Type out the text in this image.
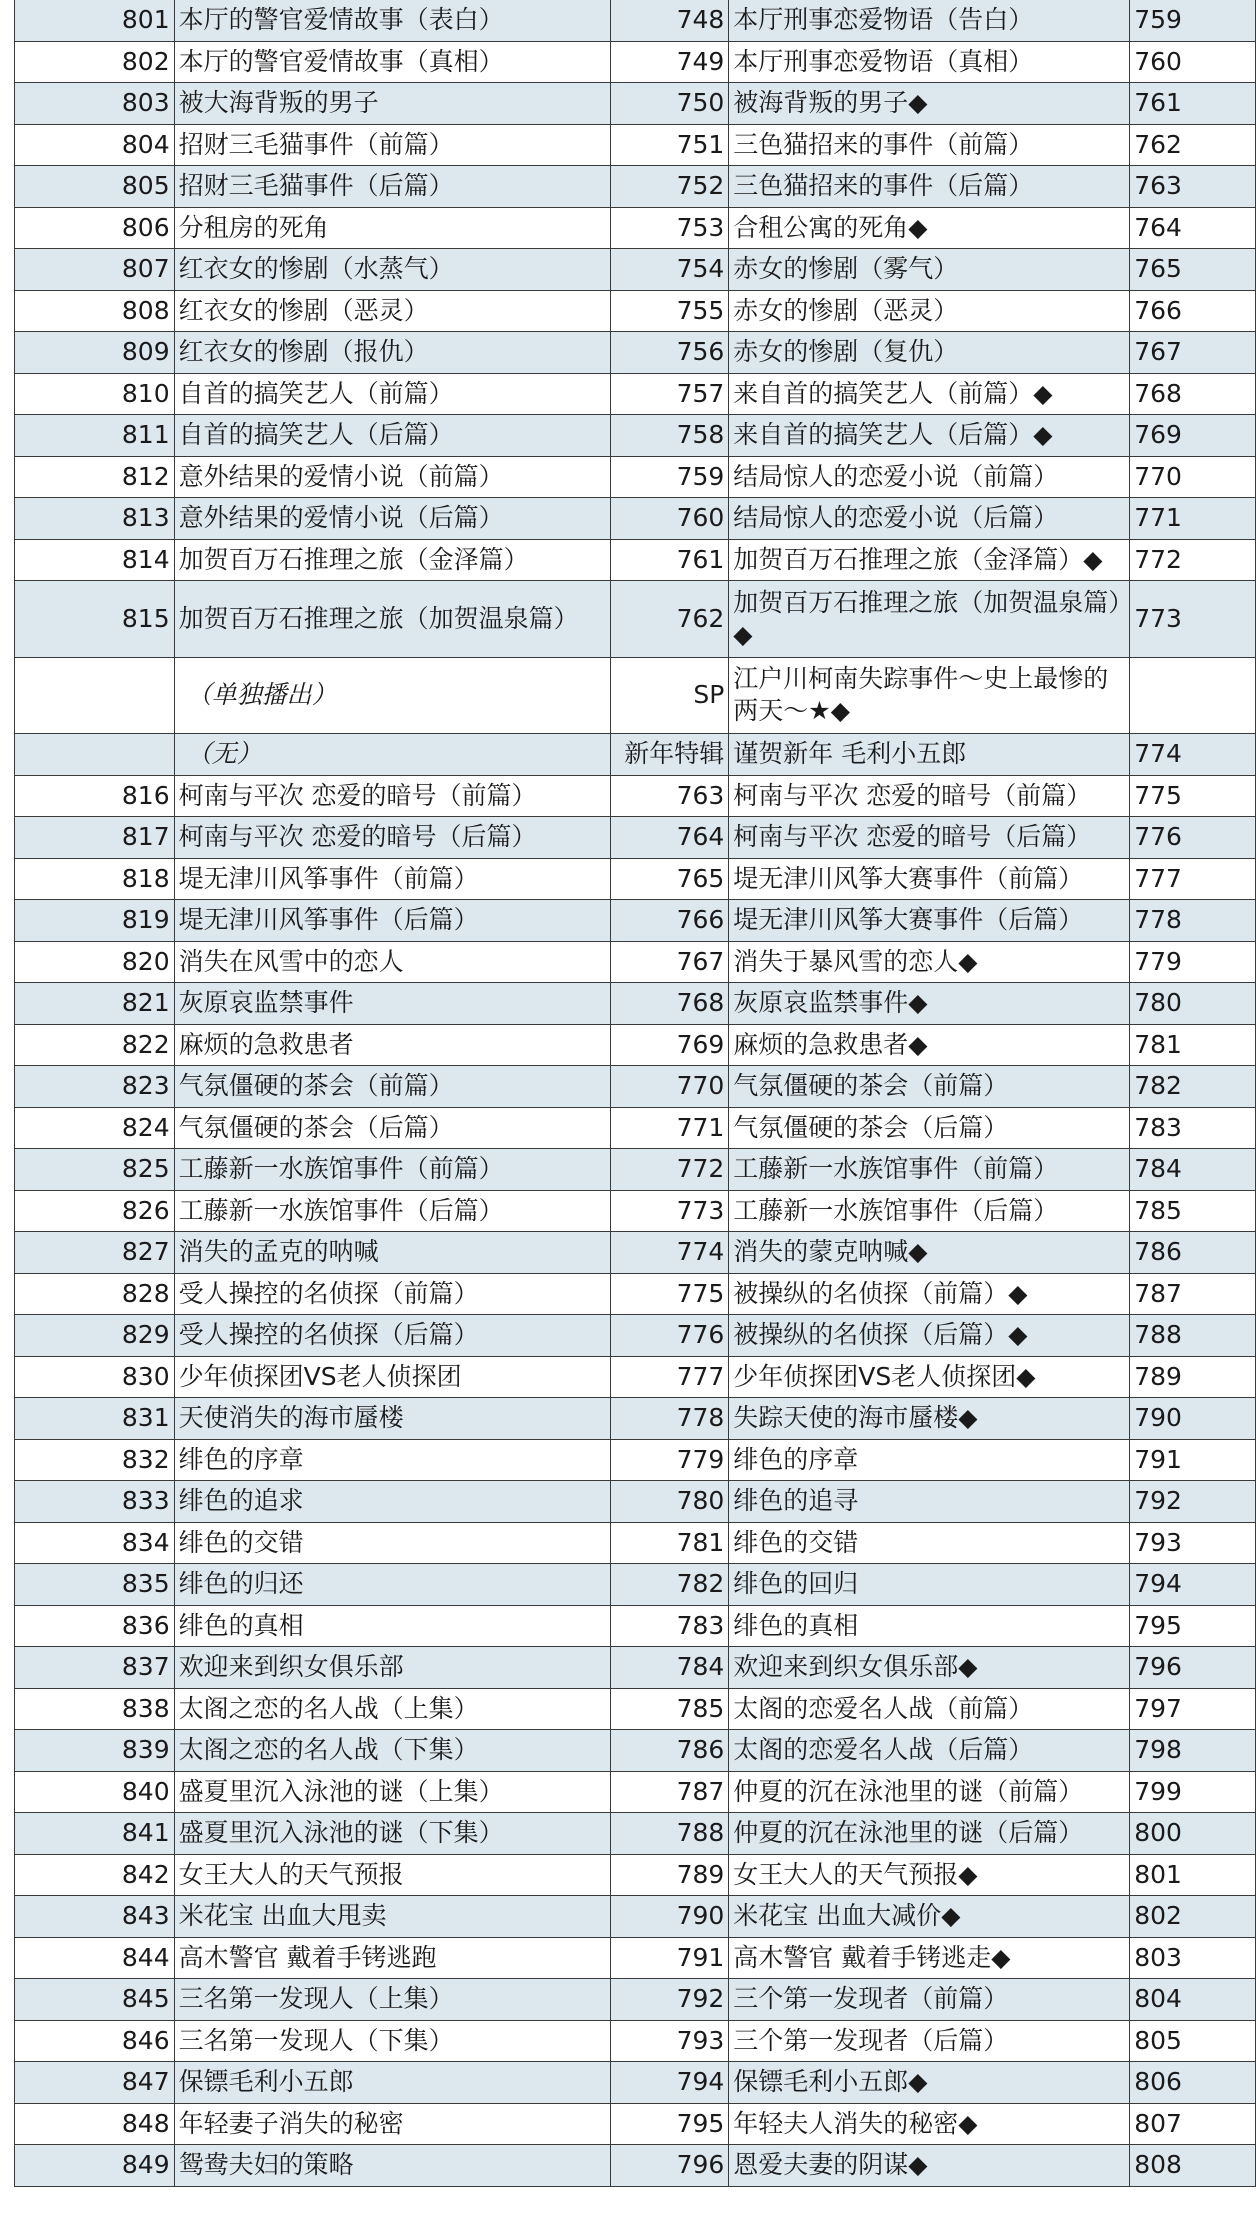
801	本厅的警官爱情故事（表白）	748	本厅刑事恋爱物语（告白）	759
802	本厅的警官爱情故事（真相）	749	本厅刑事恋爱物语（真相）	760
803	被大海背叛的男子	750	被海背叛的男子◆	761
804	招财三毛猫事件（前篇）	751	三色猫招来的事件（前篇）	762
805	招财三毛猫事件（后篇）	752	三色猫招来的事件（后篇）	763
806	分租房的死角	753	合租公寓的死角◆	764
807	红衣女的惨剧（水蒸气）	754	赤女的惨剧（雾气）	765
808	红衣女的惨剧（恶灵）	755	赤女的惨剧（恶灵）	766
809	红衣女的惨剧（报仇）	756	赤女的惨剧（复仇）	767
810	自首的搞笑艺人（前篇）	757	来自首的搞笑艺人（前篇）◆	768
811	自首的搞笑艺人（后篇）	758	来自首的搞笑艺人（后篇）◆	769
812	意外结果的爱情小说（前篇）	759	结局惊人的恋爱小说（前篇）	770
813	意外结果的爱情小说（后篇）	760	结局惊人的恋爱小说（后篇）	771
814	加贺百万石推理之旅（金泽篇）	761	加贺百万石推理之旅（金泽篇）◆	772
815	加贺百万石推理之旅（加贺温泉篇）	762	加贺百万石推理之旅（加贺温泉篇）◆	773
	（单独播出）	SP	江户川柯南失踪事件～史上最惨的两天～★◆	
	（无）	新年特辑	谨贺新年 毛利小五郎	774
816	柯南与平次 恋爱的暗号（前篇）	763	柯南与平次 恋爱的暗号（前篇）	775
817	柯南与平次 恋爱的暗号（后篇）	764	柯南与平次 恋爱的暗号（后篇）	776
818	堤无津川风筝事件（前篇）	765	堤无津川风筝大赛事件（前篇）	777
819	堤无津川风筝事件（后篇）	766	堤无津川风筝大赛事件（后篇）	778
820	消失在风雪中的恋人	767	消失于暴风雪的恋人◆	779
821	灰原哀监禁事件	768	灰原哀监禁事件◆	780
822	麻烦的急救患者	769	麻烦的急救患者◆	781
823	气氛僵硬的茶会（前篇）	770	气氛僵硬的茶会（前篇）	782
824	气氛僵硬的茶会（后篇）	771	气氛僵硬的茶会（后篇）	783
825	工藤新一水族馆事件（前篇）	772	工藤新一水族馆事件（前篇）	784
826	工藤新一水族馆事件（后篇）	773	工藤新一水族馆事件（后篇）	785
827	消失的孟克的呐喊	774	消失的蒙克呐喊◆	786
828	受人操控的名侦探（前篇）	775	被操纵的名侦探（前篇）◆	787
829	受人操控的名侦探（后篇）	776	被操纵的名侦探（后篇）◆	788
830	少年侦探团VS老人侦探团	777	少年侦探团VS老人侦探团◆	789
831	天使消失的海市蜃楼	778	失踪天使的海市蜃楼◆	790
832	绯色的序章	779	绯色的序章	791
833	绯色的追求	780	绯色的追寻	792
834	绯色的交错	781	绯色的交错	793
835	绯色的归还	782	绯色的回归	794
836	绯色的真相	783	绯色的真相	795
837	欢迎来到织女俱乐部	784	欢迎来到织女俱乐部◆	796
838	太阁之恋的名人战（上集）	785	太阁的恋爱名人战（前篇）	797
839	太阁之恋的名人战（下集）	786	太阁的恋爱名人战（后篇）	798
840	盛夏里沉入泳池的谜（上集）	787	仲夏的沉在泳池里的谜（前篇）	799
841	盛夏里沉入泳池的谜（下集）	788	仲夏的沉在泳池里的谜（后篇）	800
842	女王大人的天气预报	789	女王大人的天气预报◆	801
843	米花宝 出血大甩卖	790	米花宝 出血大减价◆	802
844	高木警官 戴着手铐逃跑	791	高木警官 戴着手铐逃走◆	803
845	三名第一发现人（上集）	792	三个第一发现者（前篇）	804
846	三名第一发现人（下集）	793	三个第一发现者（后篇）	805
847	保镖毛利小五郎	794	保镖毛利小五郎◆	806
848	年轻妻子消失的秘密	795	年轻夫人消失的秘密◆	807
849	鸳鸯夫妇的策略	796	恩爱夫妻的阴谋◆	808
